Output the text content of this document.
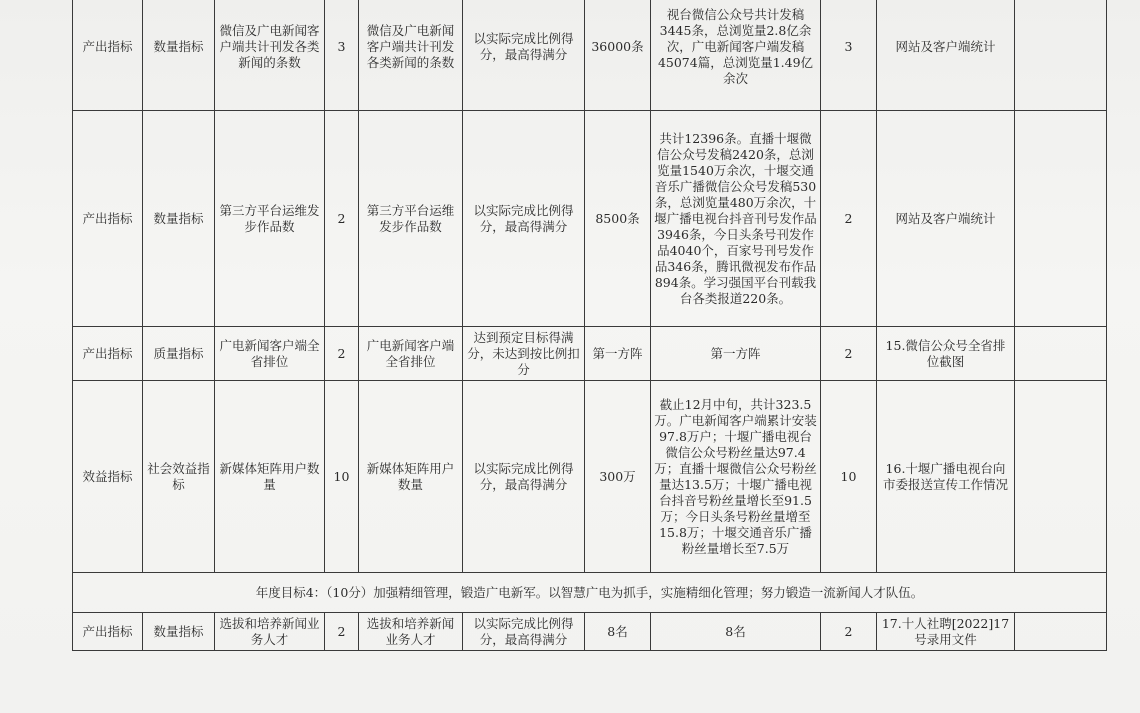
产出指标	数量指标	微信及广电新闻客户端共计刊发各类新闻的条数	3	微信及广电新闻客户端共计刊发各类新闻的条数	以实际完成比例得分，最高得满分	36000条	视台微信公众号共计发稿3445条，总浏览量2.8亿余次，广电新闻客户端发稿45074篇，总浏览量1.49亿余次	3	网站及客户端统计	
产出指标	数量指标	第三方平台运维发步作品数	2	第三方平台运维发步作品数	以实际完成比例得分，最高得满分	8500条	共计12396条。直播十堰微信公众号发稿2420条，总浏览量1540万余次，十堰交通音乐广播微信公众号发稿530条，总浏览量480万余次，十堰广播电视台抖音刊号发作品3946条，今日头条号刊发作品4040个，百家号刊号发作品346条，腾讯微视发布作品894条。学习强国平台刊载我台各类报道220条。	2	网站及客户端统计	
产出指标	质量指标	广电新闻客户端全省排位	2	广电新闻客户端全省排位	达到预定目标得满分，未达到按比例扣分	第一方阵	第一方阵	2	15.微信公众号全省排位截图	
效益指标	社会效益指标	新媒体矩阵用户数量	10	新媒体矩阵用户数量	以实际完成比例得分，最高得满分	300万	截止12月中旬，共计323.5万。广电新闻客户端累计安装97.8万户；十堰广播电视台微信公众号粉丝量达97.4万；直播十堰微信公众号粉丝量达13.5万；十堰广播电视台抖音号粉丝量增长至91.5万；今日头条号粉丝量增至15.8万；十堰交通音乐广播粉丝量增长至7.5万	10	16.十堰广播电视台向市委报送宣传工作情况	
年度目标4：（10分）加强精细管理，锻造广电新军。以智慧广电为抓手，实施精细化管理；努力锻造一流新闻人才队伍。										
产出指标	数量指标	选拔和培养新闻业务人才	2	选拔和培养新闻业务人才	以实际完成比例得分，最高得满分	8名	8名	2	17.十人社聘[2022]17号录用文件	
